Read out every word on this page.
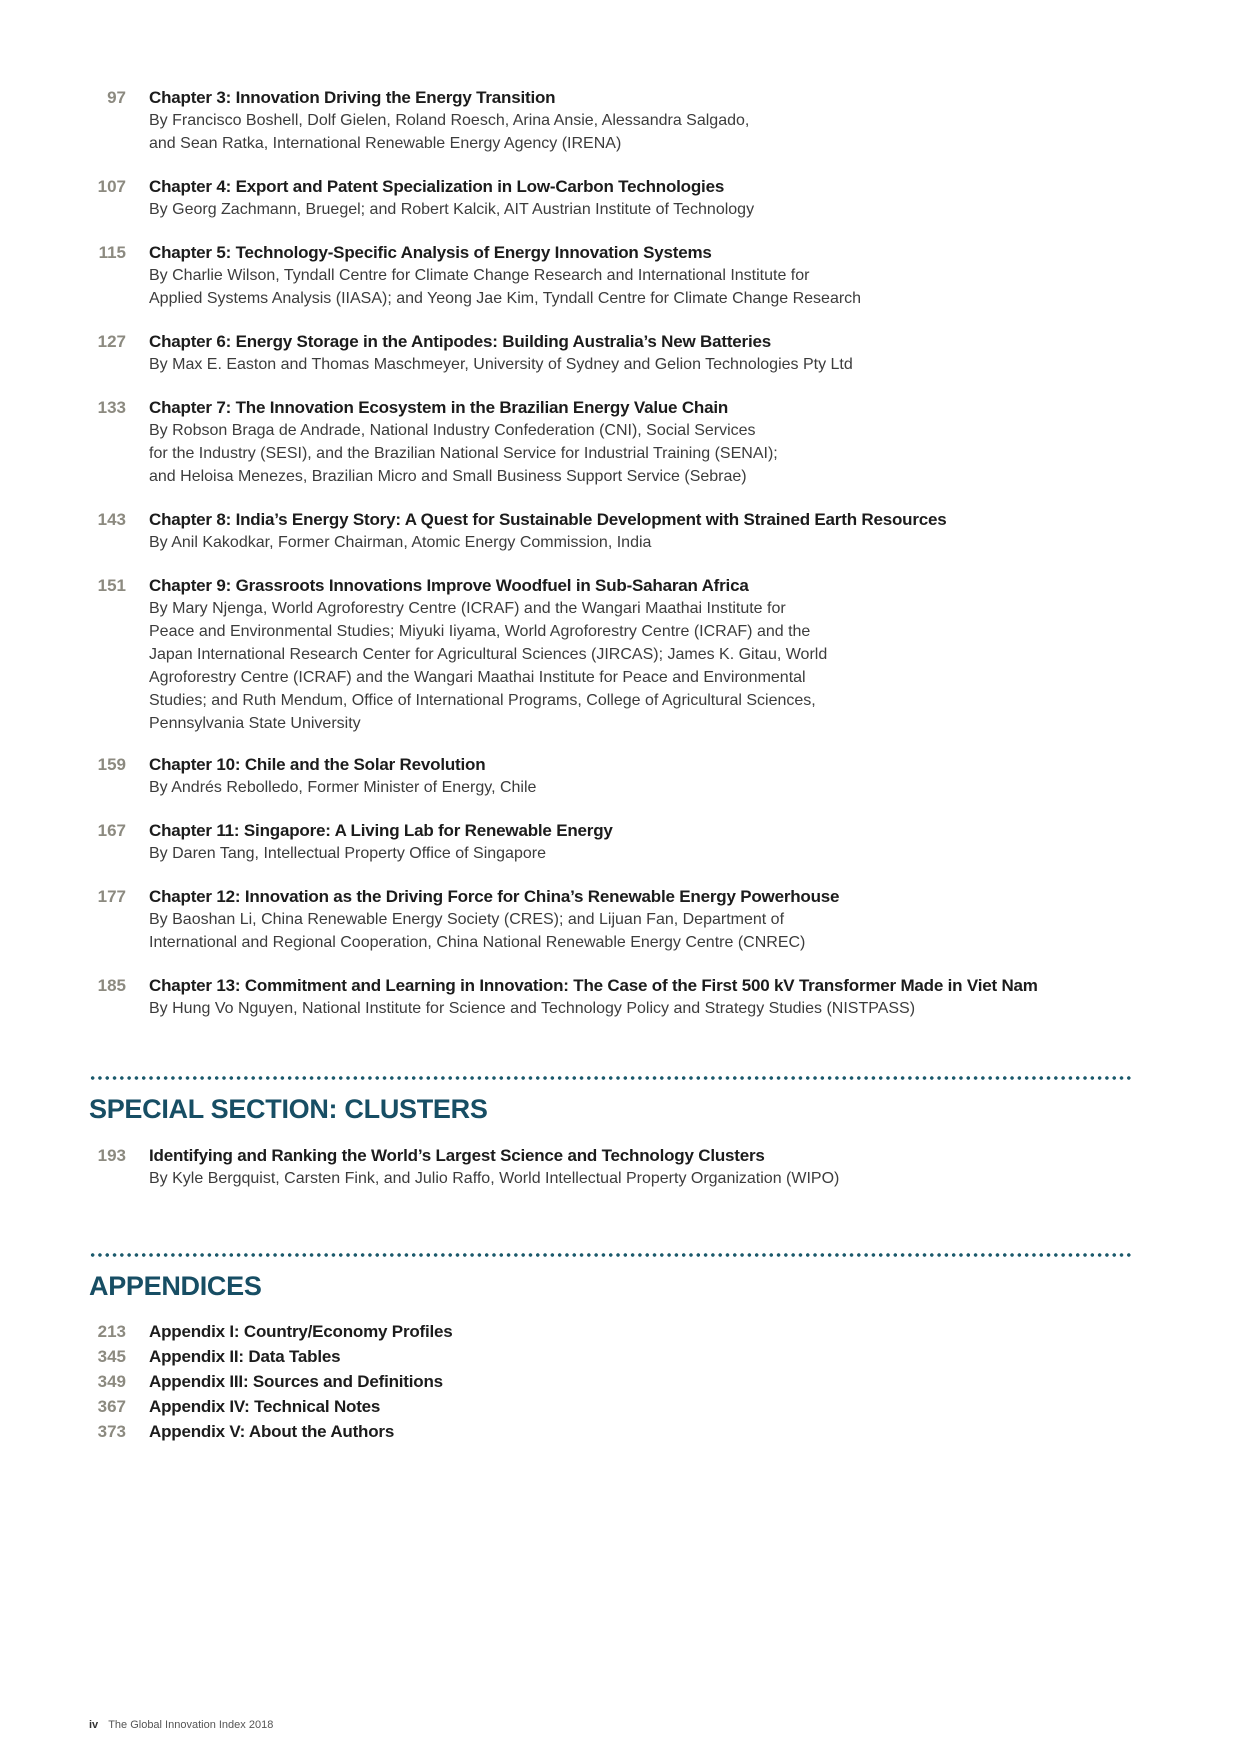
97 Chapter 3: Innovation Driving the Energy Transition
By Francisco Boshell, Dolf Gielen, Roland Roesch, Arina Ansie, Alessandra Salgado,
and Sean Ratka, International Renewable Energy Agency (IRENA)
107 Chapter 4: Export and Patent Specialization in Low-Carbon Technologies
By Georg Zachmann, Bruegel; and Robert Kalcik, AIT Austrian Institute of Technology
115 Chapter 5: Technology-Specific Analysis of Energy Innovation Systems
By Charlie Wilson, Tyndall Centre for Climate Change Research and International Institute for
Applied Systems Analysis (IIASA); and Yeong Jae Kim, Tyndall Centre for Climate Change Research
127 Chapter 6: Energy Storage in the Antipodes: Building Australia’s New Batteries
By Max E. Easton and Thomas Maschmeyer, University of Sydney and Gelion Technologies Pty Ltd
133 Chapter 7: The Innovation Ecosystem in the Brazilian Energy Value Chain
By Robson Braga de Andrade, National Industry Confederation (CNI), Social Services
for the Industry (SESI), and the Brazilian National Service for Industrial Training (SENAI);
and Heloisa Menezes, Brazilian Micro and Small Business Support Service (Sebrae)
143 Chapter 8: India’s Energy Story: A Quest for Sustainable Development with Strained Earth Resources
By Anil Kakodkar, Former Chairman, Atomic Energy Commission, India
151 Chapter 9: Grassroots Innovations Improve Woodfuel in Sub-Saharan Africa
By Mary Njenga, World Agroforestry Centre (ICRAF) and the Wangari Maathai Institute for
Peace and Environmental Studies; Miyuki Iiyama, World Agroforestry Centre (ICRAF) and the
Japan International Research Center for Agricultural Sciences (JIRCAS); James K. Gitau, World
Agroforestry Centre (ICRAF) and the Wangari Maathai Institute for Peace and Environmental
Studies; and Ruth Mendum, Office of International Programs, College of Agricultural Sciences,
Pennsylvania State University
159 Chapter 10: Chile and the Solar Revolution
By Andrés Rebolledo, Former Minister of Energy, Chile
167 Chapter 11: Singapore: A Living Lab for Renewable Energy
By Daren Tang, Intellectual Property Office of Singapore
177 Chapter 12: Innovation as the Driving Force for China’s Renewable Energy Powerhouse
By Baoshan Li, China Renewable Energy Society (CRES); and Lijuan Fan, Department of
International and Regional Cooperation, China National Renewable Energy Centre (CNREC)
185 Chapter 13: Commitment and Learning in Innovation: The Case of the First 500 kV Transformer Made in Viet Nam
By Hung Vo Nguyen, National Institute for Science and Technology Policy and Strategy Studies (NISTPASS)
SPECIAL SECTION: CLUSTERS
193 Identifying and Ranking the World’s Largest Science and Technology Clusters
By Kyle Bergquist, Carsten Fink, and Julio Raffo, World Intellectual Property Organization (WIPO)
APPENDICES
213 Appendix I: Country/Economy Profiles
345 Appendix II: Data Tables
349 Appendix III: Sources and Definitions
367 Appendix IV: Technical Notes
373 Appendix V: About the Authors
iv The Global Innovation Index 2018
